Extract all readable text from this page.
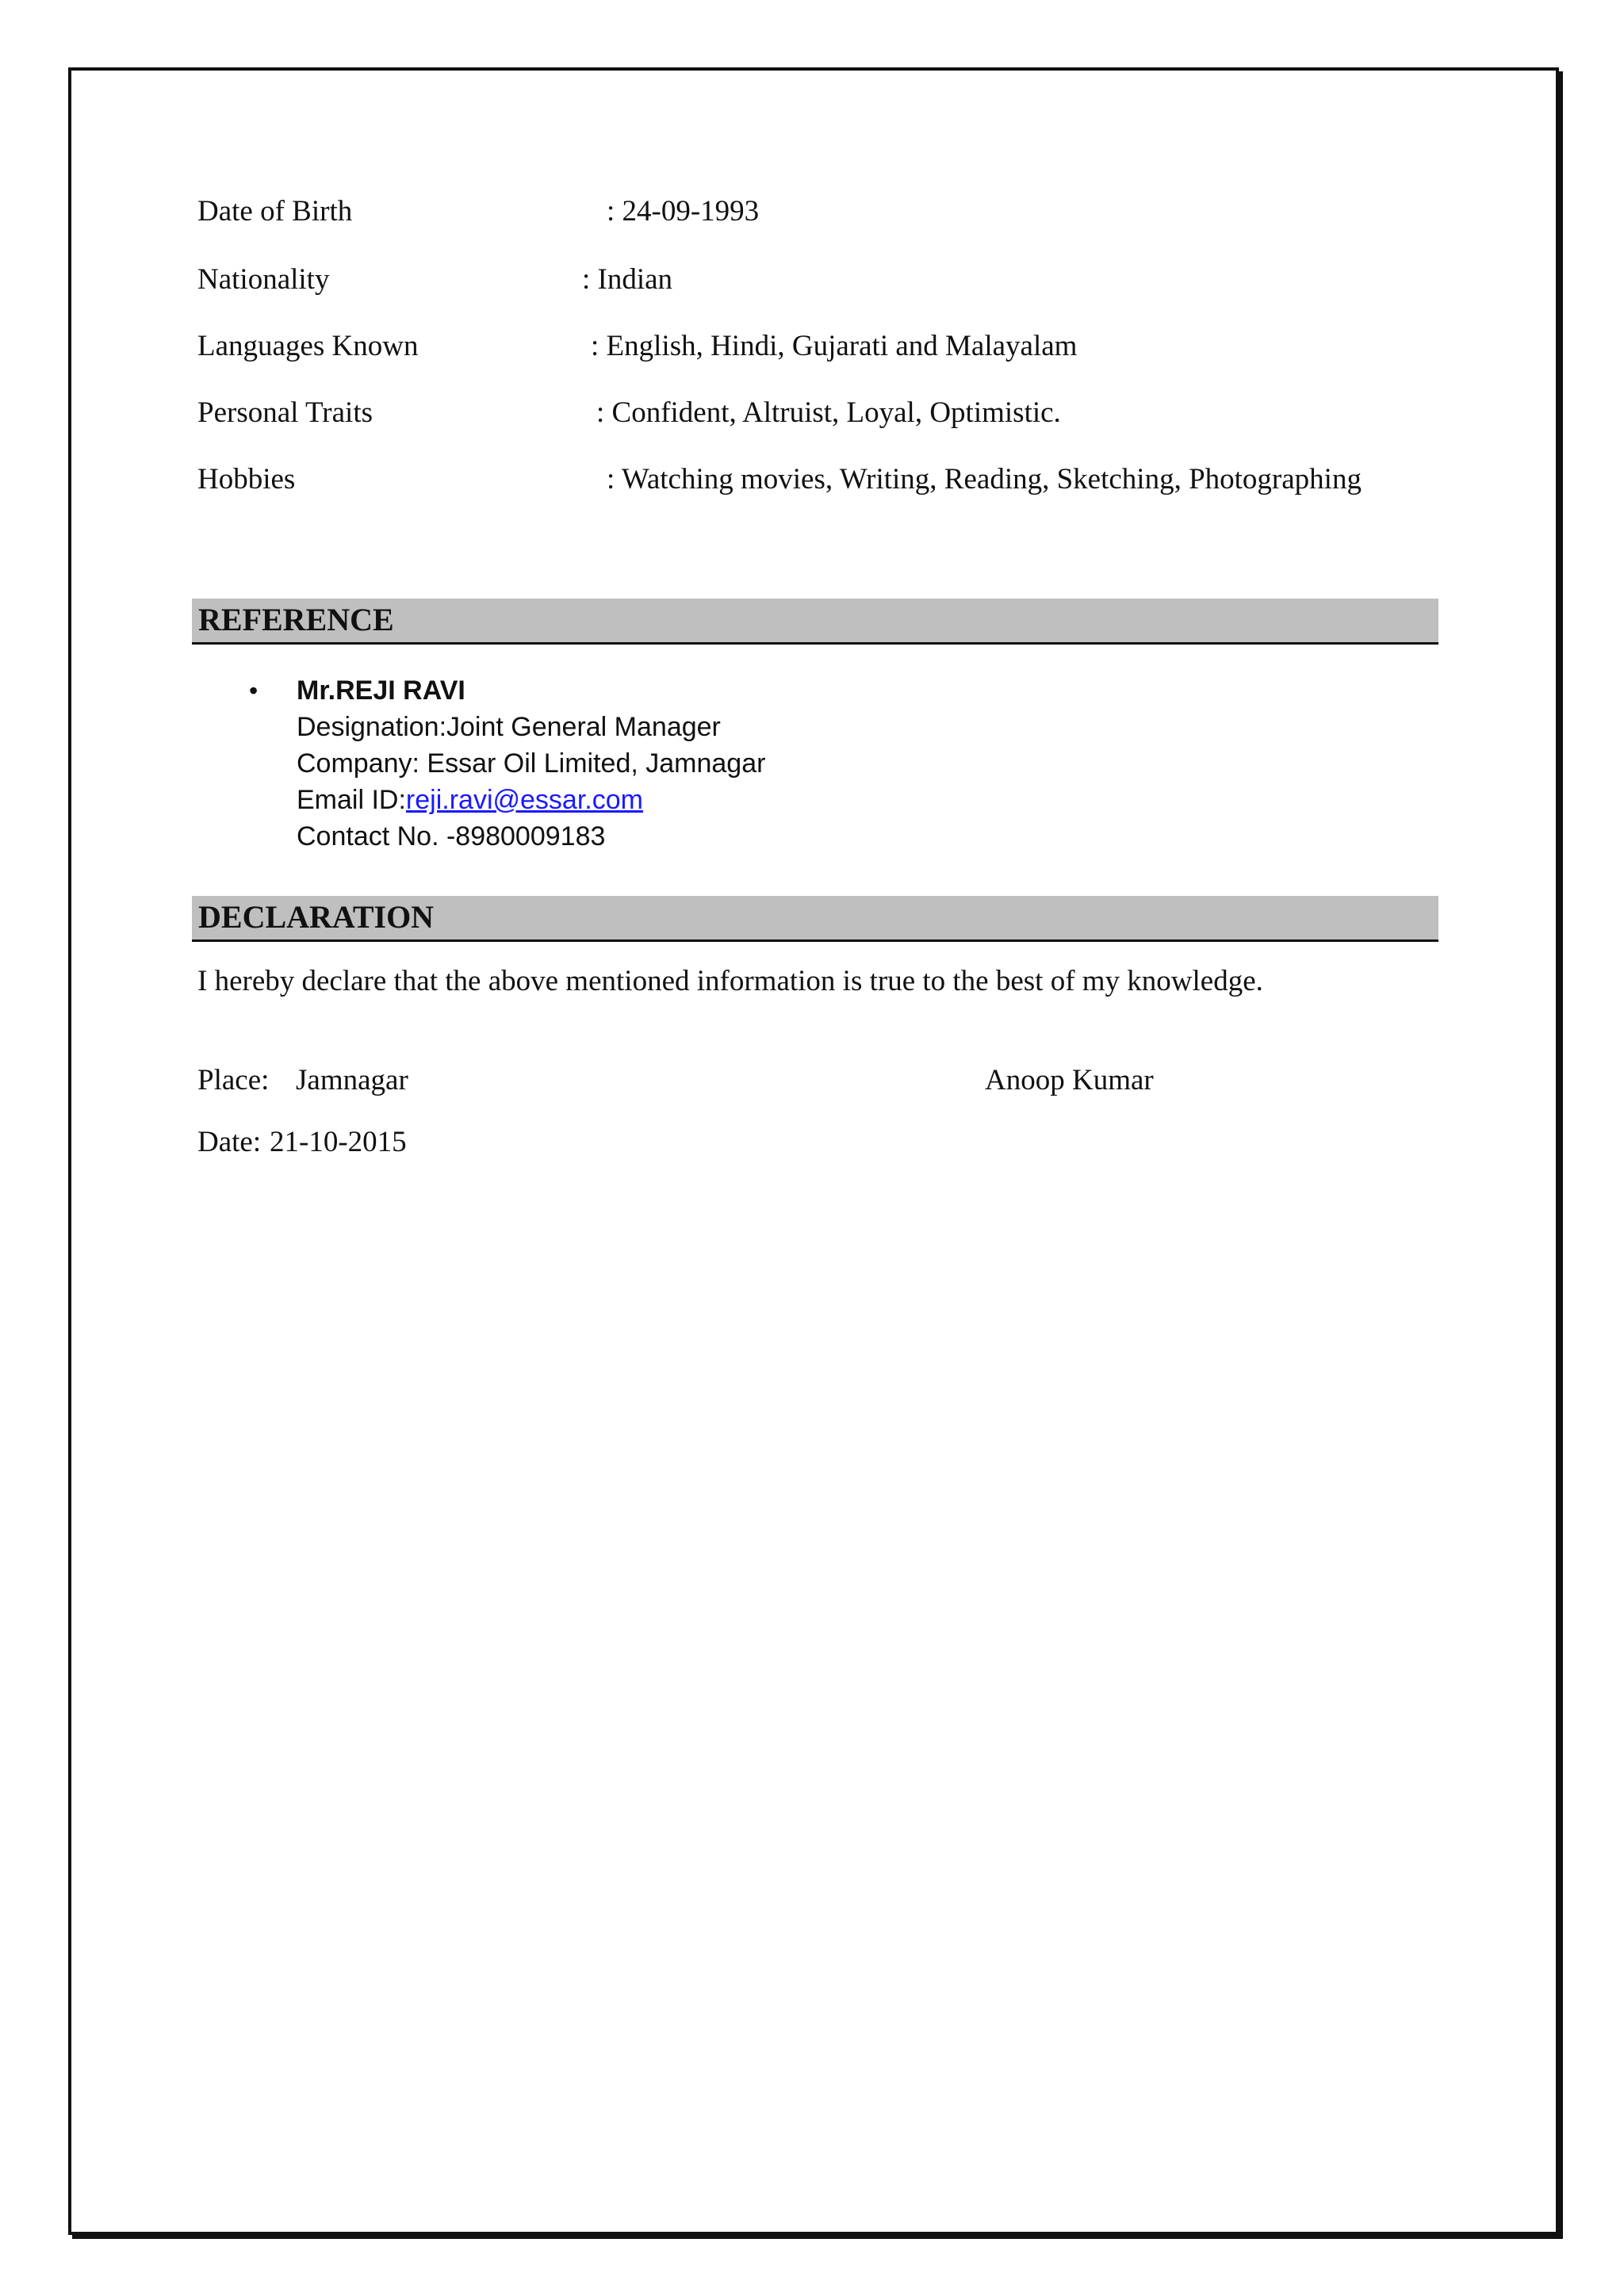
Date of Birth	: 24-09-1993
Nationality	: Indian
Languages Known	: English, Hindi, Gujarati and Malayalam
Personal Traits	: Confident, Altruist, Loyal, Optimistic.
Hobbies	: Watching movies, Writing, Reading, Sketching, Photographing
REFERENCE
• Mr.REJI RAVI
Designation:Joint General Manager
Company: Essar Oil Limited, Jamnagar
Email ID:reji.ravi@essar.com
Contact No. -8980009183
DECLARATION
I hereby declare that the above mentioned information is true to the best of my knowledge.
Place: Jamnagar	Anoop Kumar
Date: 21-10-2015
